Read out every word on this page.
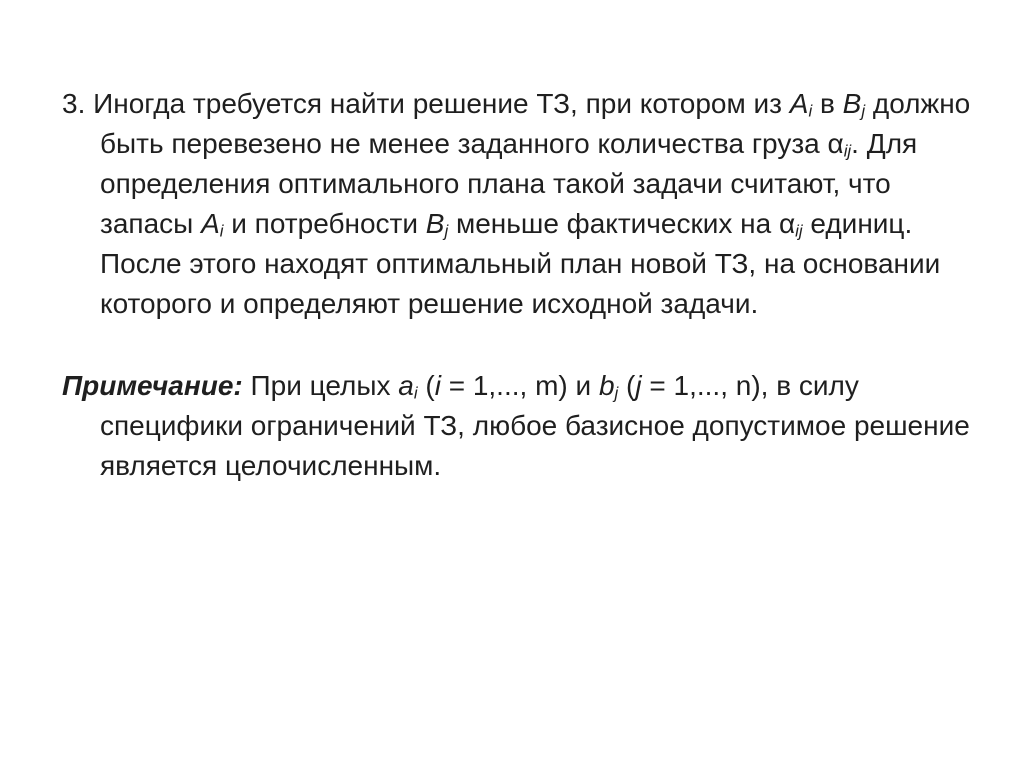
3. Иногда требуется найти решение ТЗ, при котором из $A_i$ в $B_j$ должно быть перевезено не менее заданного количества груза $\alpha_{ij}$. Для определения оптимального плана такой задачи считают, что запасы $A_i$ и потребности $B_j$ меньше фактических на $\alpha_{ij}$ единиц. После этого находят оптимальный план новой ТЗ, на основании которого и определяют решение исходной задачи.

Примечание: При целых $a_i$ (i = 1,..., m) и $b_j$ (j = 1,..., n), в силу специфики ограничений ТЗ, любое базисное допустимое решение является целочисленным.
